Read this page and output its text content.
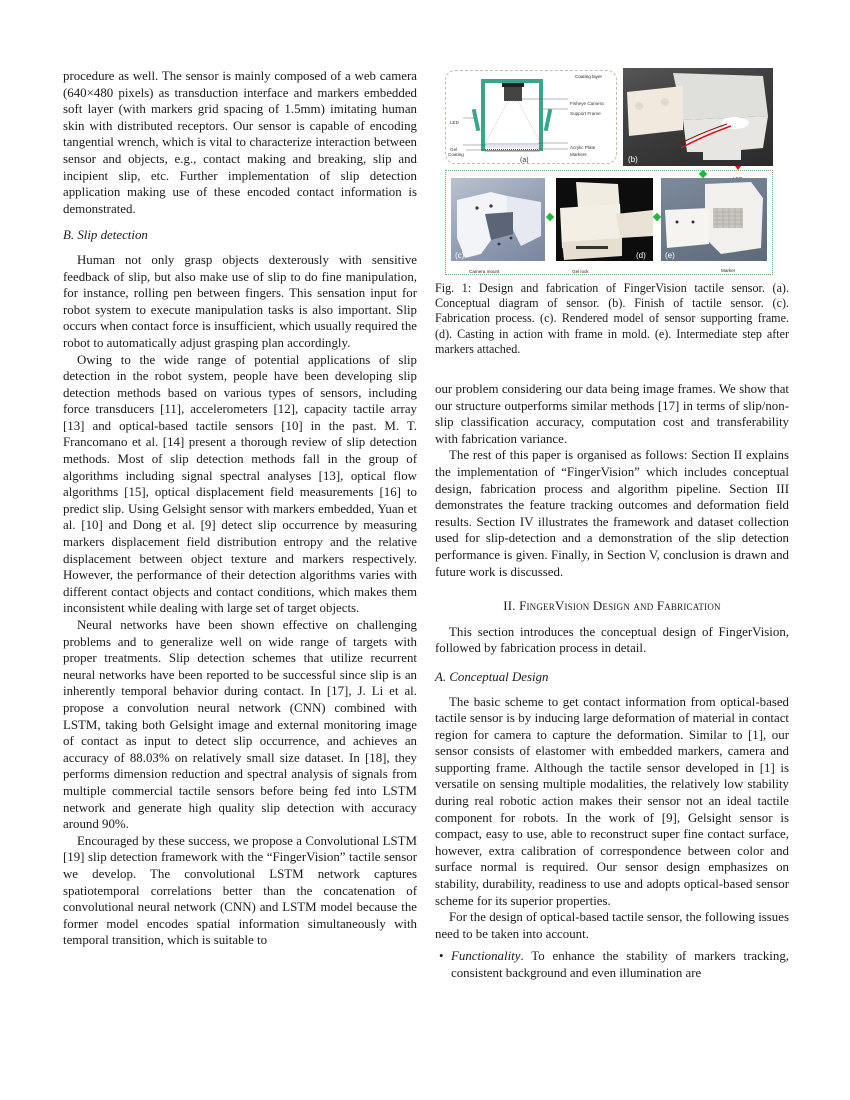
procedure as well. The sensor is mainly composed of a web camera (640×480 pixels) as transduction interface and markers embedded soft layer (with markers grid spacing of 1.5mm) imitating human skin with distributed receptors. Our sensor is capable of encoding tangential wrench, which is vital to characterize interaction between sensor and objects, e.g., contact making and breaking, slip and incipient slip, etc. Further implementation of slip detection application making use of these encoded contact information is demonstrated.

B. Slip detection

Human not only grasp objects dexterously with sensitive feedback of slip, but also make use of slip to do fine manipulation, for instance, rolling pen between fingers. This sensation input for robot system to execute manipulation tasks is also important. Slip occurs when contact force is insufficient, which usually required the robot to automatically adjust grasping plan accordingly.

Owing to the wide range of potential applications of slip detection in the robot system, people have been developing slip detection methods based on various types of sensors, including force transducers [11], accelerometers [12], capacity tactile array [13] and optical-based tactile sensors [10] in the past. M. T. Francomano et al. [14] present a thorough review of slip detection methods. Most of slip detection methods fall in the group of algorithms including signal spectral analyses [13], optical flow algorithms [15], optical displacement field measurements [16] to predict slip. Using Gelsight sensor with markers embedded, Yuan et al. [10] and Dong et al. [9] detect slip occurrence by measuring markers displacement field distribution entropy and the relative displacement between object texture and markers respectively. However, the performance of their detection algorithms varies with different contact objects and contact conditions, which makes them inconsistent while dealing with large set of target objects.

Neural networks have been shown effective on challenging problems and to generalize well on wide range of targets with proper treatments. Slip detection schemes that utilize recurrent neural networks have been reported to be successful since slip is an inherently temporal behavior during contact. In [17], J. Li et al. propose a convolution neural network (CNN) combined with LSTM, taking both Gelsight image and external monitoring image of contact as input to detect slip occurrence, and achieves an accuracy of 88.03% on relatively small size dataset. In [18], they performs dimension reduction and spectral analysis of signals from multiple commercial tactile sensors before being fed into LSTM network and generate high quality slip detection with accuracy around 90%.

Encouraged by these success, we propose a Convolutional LSTM [19] slip detection framework with the “FingerVision” tactile sensor we develop. The convolutional LSTM network captures spatiotemporal correlations better than the concatenation of convolutional neural network (CNN) and LSTM model because the former model encodes spatial information simultaneously with temporal transition, which is suitable to

Fisheye Camera
Support Frame
LED
Gel
Coating
Acrylic Plate
Markers
(a)
Coating layer
(b)
(c)	(d) (e)
Camera mount	Gel lock	Marker

Fig. 1: Design and fabrication of FingerVision tactile sensor. (a). Conceptual diagram of sensor. (b). Finish of tactile sensor. (c). Fabrication process. (c). Rendered model of sensor supporting frame. (d). Casting in action with frame in mold. (e). Intermediate step after markers attached.

our problem considering our data being image frames. We show that our structure outperforms similar methods [17] in terms of slip/non-slip classification accuracy, computation cost and transferability with fabrication variance.

The rest of this paper is organised as follows: Section II explains the implementation of “FingerVision” which includes conceptual design, fabrication process and algorithm pipeline. Section III demonstrates the feature tracking outcomes and deformation field results. Section IV illustrates the framework and dataset collection used for slip-detection and a demonstration of the slip detection performance is given. Finally, in Section V, conclusion is drawn and future work is discussed.

II. FingerVision Design and Fabrication

This section introduces the conceptual design of FingerVision, followed by fabrication process in detail.

A. Conceptual Design

The basic scheme to get contact information from optical-based tactile sensor is by inducing large deformation of material in contact region for camera to capture the deformation. Similar to [1], our sensor consists of elastomer with embedded markers, camera and supporting frame. Although the tactile sensor developed in [1] is versatile on sensing multiple modalities, the relatively low stability during real robotic action makes their sensor not an ideal tactile component for robots. In the work of [9], Gelsight sensor is compact, easy to use, able to reconstruct super fine contact surface, however, extra calibration of correspondence between color and surface normal is required. Our sensor design emphasizes on stability, durability, readiness to use and adopts optical-based sensor scheme for its superior properties.

For the design of optical-based tactile sensor, the following issues need to be taken into account.

• Functionality. To enhance the stability of markers tracking, consistent background and even illumination are
